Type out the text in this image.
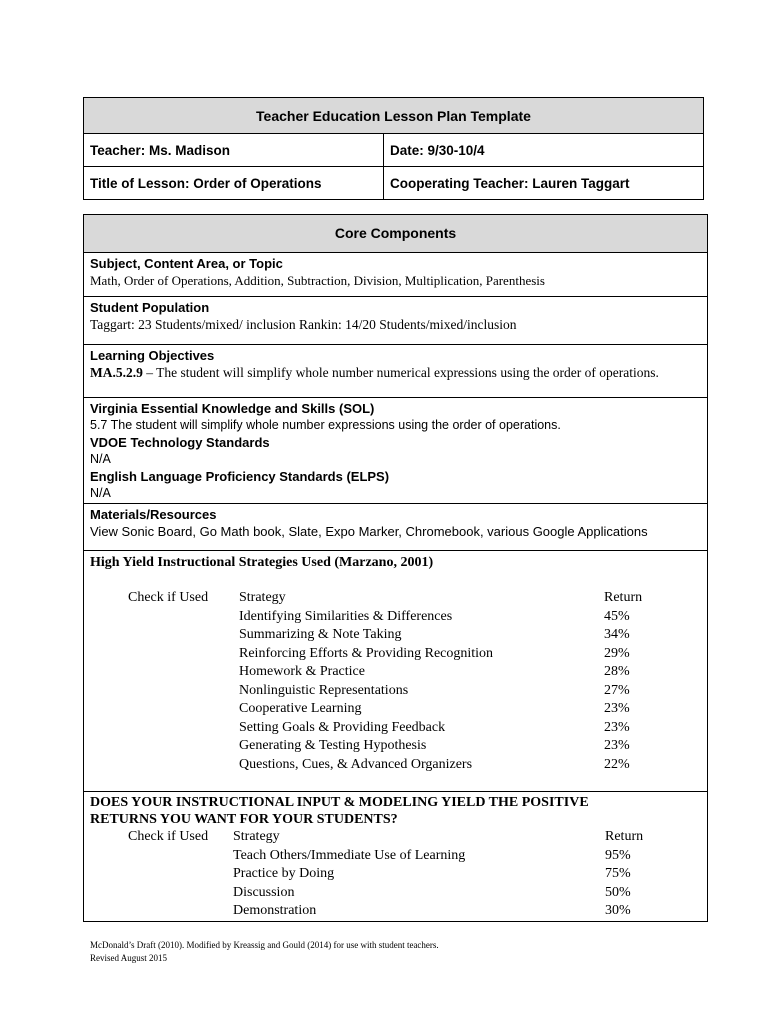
Teacher Education Lesson Plan Template	
Teacher: Ms. Madison	Date: 9/30-10/4
Title of Lesson: Order of Operations	Cooperating Teacher: Lauren Taggart
Core Components
Subject, Content Area, or Topic
Math, Order of Operations, Addition, Subtraction, Division, Multiplication, Parenthesis
Student Population
Taggart: 23 Students/mixed/ inclusion Rankin: 14/20 Students/mixed/inclusion
Learning Objectives
MA.5.2.9 – The student will simplify whole number numerical expressions using the order of operations.
Virginia Essential Knowledge and Skills (SOL)
5.7 The student will simplify whole number expressions using the order of operations.
VDOE Technology Standards
N/A
English Language Proficiency Standards (ELPS)
N/A
Materials/Resources
View Sonic Board, Go Math book, Slate, Expo Marker, Chromebook, various Google Applications
High Yield Instructional Strategies Used (Marzano, 2001)
Check if Used Strategy	Return
Identifying Similarities & Differences	45%
Summarizing & Note Taking	34%
Reinforcing Efforts & Providing Recognition	29%
Homework & Practice	28%
Nonlinguistic Representations	27%
Cooperative Learning	23%
Setting Goals & Providing Feedback	23%
Generating & Testing Hypothesis	23%
Questions, Cues, & Advanced Organizers	22%
DOES YOUR INSTRUCTIONAL INPUT & MODELING YIELD THE POSITIVE
RETURNS YOU WANT FOR YOUR STUDENTS?
Check if Used Strategy	Return
Teach Others/Immediate Use of Learning	95%
Practice by Doing	75%
Discussion	50%
Demonstration	30%
McDonald’s Draft (2010). Modified by Kreassig and Gould (2014) for use with student teachers.
Revised August 2015
